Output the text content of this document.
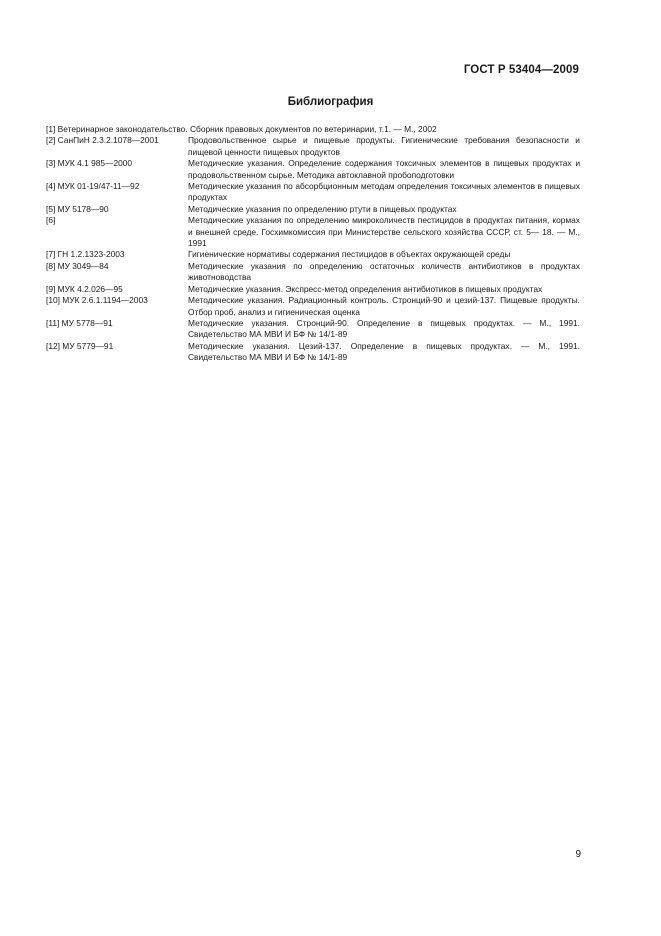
ГОСТ Р 53404—2009
Библиография
[1] Ветеринарное законодательство. Сборник правовых документов по ветеринарии, т.1. — М., 2002
[2] СанПиН 2.3.2.1078—2001	Продовольственное сырье и пищевые продукты. Гигиенические требования безопасности и пищевой ценности пищевых продуктов
[3] МУК 4.1 985—2000	Методические указания. Определение содержания токсичных элементов в пищевых продуктах и продовольственном сырье. Методика автоклавной пробоподготовки
[4] МУК 01-19/47-11—92	Методические указания по абсорбционным методам определения токсичных элементов в пищевых продуктах
[5] МУ 5178—90	Методические указания по определению ртути в пищевых продуктах
[6]	Методические указания по определению микроколичеств пестицидов в продуктах питания, кормах и внешней среде. Госхимкомиссия при Министерстве сельского хозяйства СССР, ст. 5— 18. — М., 1991
[7] ГН 1.2.1323-2003	Гигиенические нормативы содержания пестицидов в объектах окружающей среды
[8] МУ 3049—84	Методические указания по определению остаточных количеств антибиотиков в продуктах животноводства
[9] МУК 4.2.026—95	Методические указания. Экспресс-метод определения антибиотиков в пищевых продуктах
[10] МУК 2.6.1.1194—2003	Методические указания. Радиационный контроль. Стронций-90 и цезий-137. Пищевые продукты. Отбор проб, анализ и гигиеническая оценка
[11] МУ 5778—91	Методические указания. Стронций-90. Определение в пищевых продуктах. — М., 1991. Свидетельство МА МВИ И БФ № 14/1-89
[12] МУ 5779—91	Методические указания. Цезий-137. Определение в пищевых продуктах. — М., 1991. Свидетельство МА МВИ И БФ № 14/1-89
9
